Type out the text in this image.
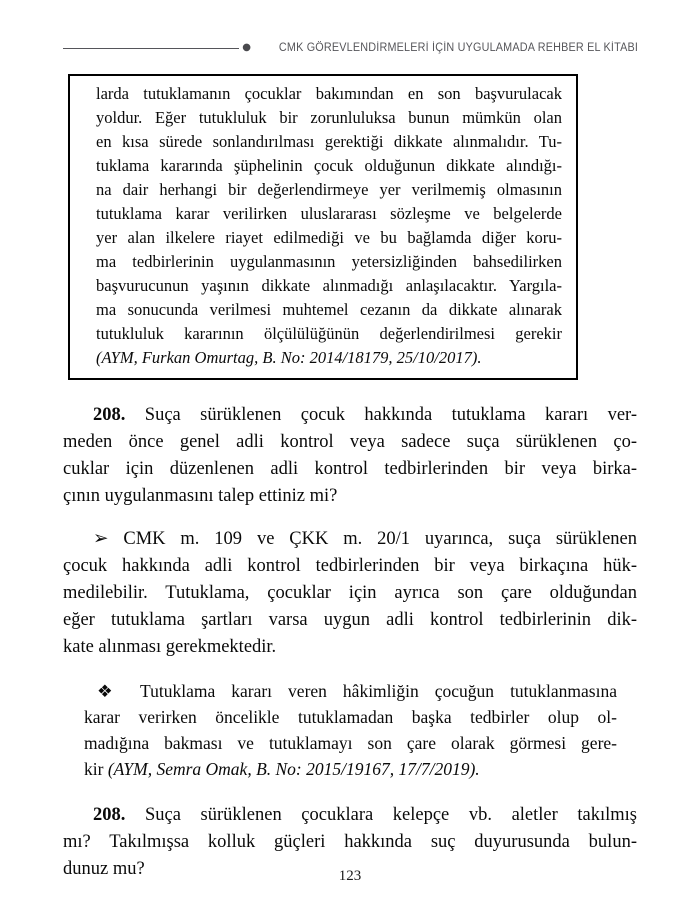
● CMK GÖREVLENDİRMELERİ İÇİN UYGULAMADA REHBER EL KİTABI
larda tutuklamanın çocuklar bakımından en son başvurulacak
yoldur. Eğer tutukluluk bir zorunluluksa bunun mümkün olan
en kısa sürede sonlandırılması gerektiği dikkate alınmalıdır. Tu-
tuklama kararında şüphelinin çocuk olduğunun dikkate alındığı-
na dair herhangi bir değerlendirmeye yer verilmemiş olmasının
tutuklama karar verilirken uluslararası sözleşme ve belgelerde
yer alan ilkelere riayet edilmediği ve bu bağlamda diğer koru-
ma tedbirlerinin uygulanmasının yetersizliğinden bahsedilirken
başvurucunun yaşının dikkate alınmadığı anlaşılacaktır. Yargıla-
ma sonucunda verilmesi muhtemel cezanın da dikkate alınarak
tutukluluk kararının ölçülülüğünün değerlendirilmesi gerekir
(AYM, Furkan Omurtag, B. No: 2014/18179, 25/10/2017).
208. Suça sürüklenen çocuk hakkında tutuklama kararı ver-
meden önce genel adli kontrol veya sadece suça sürüklenen ço-
cuklar için düzenlenen adli kontrol tedbirlerinden bir veya birka-
çının uygulanmasını talep ettiniz mi?
➢ CMK m. 109 ve ÇKK m. 20/1 uyarınca, suça sürüklenen
çocuk hakkında adli kontrol tedbirlerinden bir veya birkaçına hük-
medilebilir. Tutuklama, çocuklar için ayrıca son çare olduğundan
eğer tutuklama şartları varsa uygun adli kontrol tedbirlerinin dik-
kate alınması gerekmektedir.
❖ Tutuklama kararı veren hâkimliğin çocuğun tutuklanmasına
karar verirken öncelikle tutuklamadan başka tedbirler olup ol-
madığına bakması ve tutuklamayı son çare olarak görmesi gere-
kir (AYM, Semra Omak, B. No: 2015/19167, 17/7/2019).
208. Suça sürüklenen çocuklara kelepçe vb. aletler takılmış
mı? Takılmışsa kolluk güçleri hakkında suç duyurusunda bulun-
dunuz mu?	123
